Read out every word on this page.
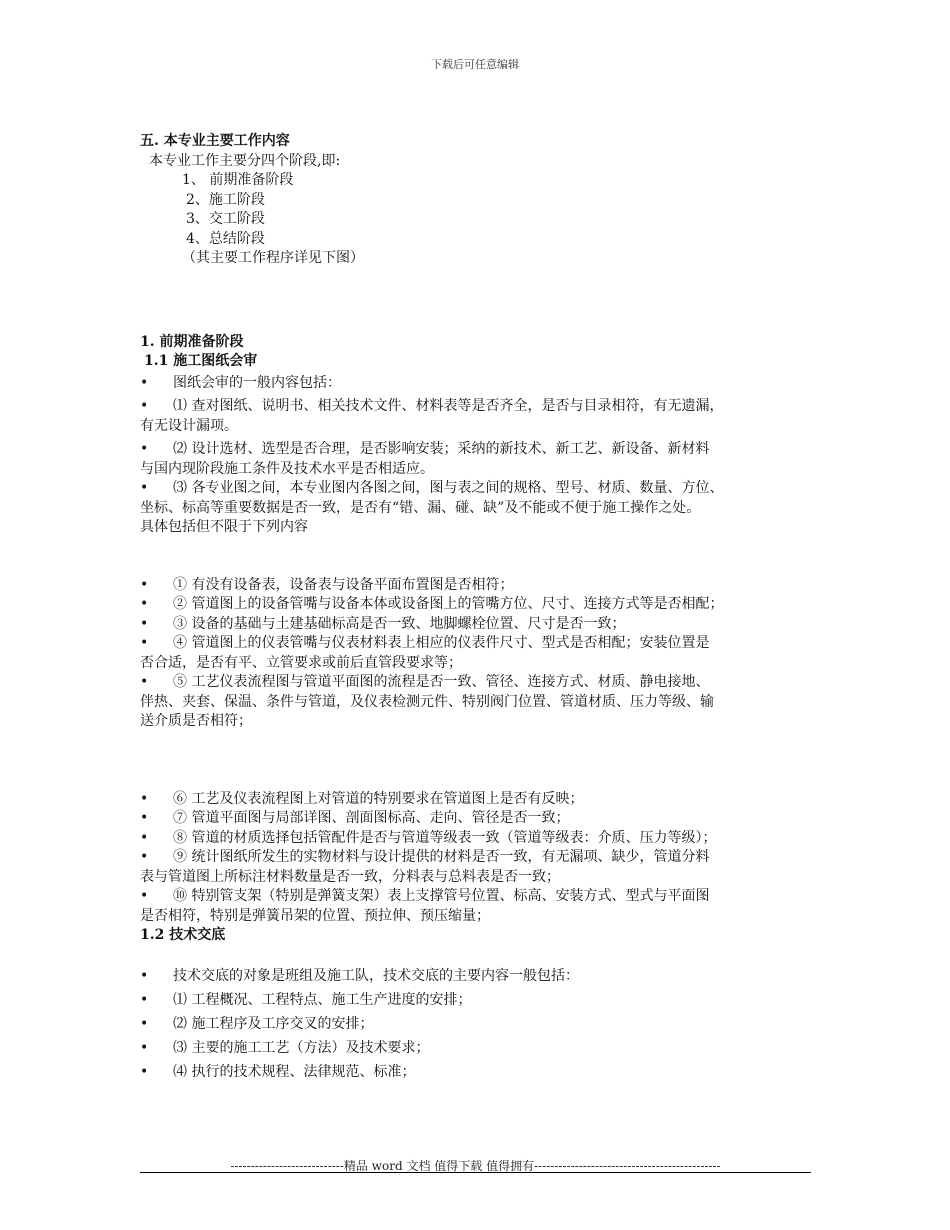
下载后可任意编辑
五. 本专业主要工作内容
本专业工作主要分四个阶段,即:
1、 前期准备阶段
2、施工阶段
3、交工阶段
4、总结阶段
（其主要工作程序详见下图）
1. 前期准备阶段
1.1 施工图纸会审
• 图纸会审的一般内容包括：
• ⑴ 查对图纸、说明书、相关技术文件、材料表等是否齐全，是否与目录相符，有无遗漏，
有无设计漏项。
• ⑵ 设计选材、选型是否合理，是否影响安装；采纳的新技术、新工艺、新设备、新材料
与国内现阶段施工条件及技术水平是否相适应。
• ⑶ 各专业图之间，本专业图内各图之间，图与表之间的规格、型号、材质、数量、方位、
坐标、标高等重要数据是否一致，是否有“错、漏、碰、缺”及不能或不便于施工操作之处。
具体包括但不限于下列内容
• ① 有没有设备表，设备表与设备平面布置图是否相符；
• ② 管道图上的设备管嘴与设备本体或设备图上的管嘴方位、尺寸、连接方式等是否相配；
• ③ 设备的基础与土建基础标高是否一致、地脚螺栓位置、尺寸是否一致；
• ④ 管道图上的仪表管嘴与仪表材料表上相应的仪表件尺寸、型式是否相配；安装位置是
否合适，是否有平、立管要求或前后直管段要求等；
• ⑤ 工艺仪表流程图与管道平面图的流程是否一致、管径、连接方式、材质、静电接地、
伴热、夹套、保温、条件与管道，及仪表检测元件、特别阀门位置、管道材质、压力等级、输
送介质是否相符；
• ⑥ 工艺及仪表流程图上对管道的特别要求在管道图上是否有反映；
• ⑦ 管道平面图与局部详图、剖面图标高、走向、管径是否一致；
• ⑧ 管道的材质选择包括管配件是否与管道等级表一致（管道等级表：介质、压力等级）；
• ⑨ 统计图纸所发生的实物材料与设计提供的材料是否一致，有无漏项、缺少，管道分料
表与管道图上所标注材料数量是否一致，分料表与总料表是否一致；
• ⑩ 特别管支架（特别是弹簧支架）表上支撑管号位置、标高、安装方式、型式与平面图
是否相符，特别是弹簧吊架的位置、预拉伸、预压缩量；
1.2 技术交底
• 技术交底的对象是班组及施工队，技术交底的主要内容一般包括：
• ⑴ 工程概况、工程特点、施工生产进度的安排；
• ⑵ 施工程序及工序交叉的安排；
• ⑶ 主要的施工工艺（方法）及技术要求；
• ⑷ 执行的技术规程、法律规范、标准；
----------------------------精品 word 文档 值得下载 值得拥有----------------------------------------------
